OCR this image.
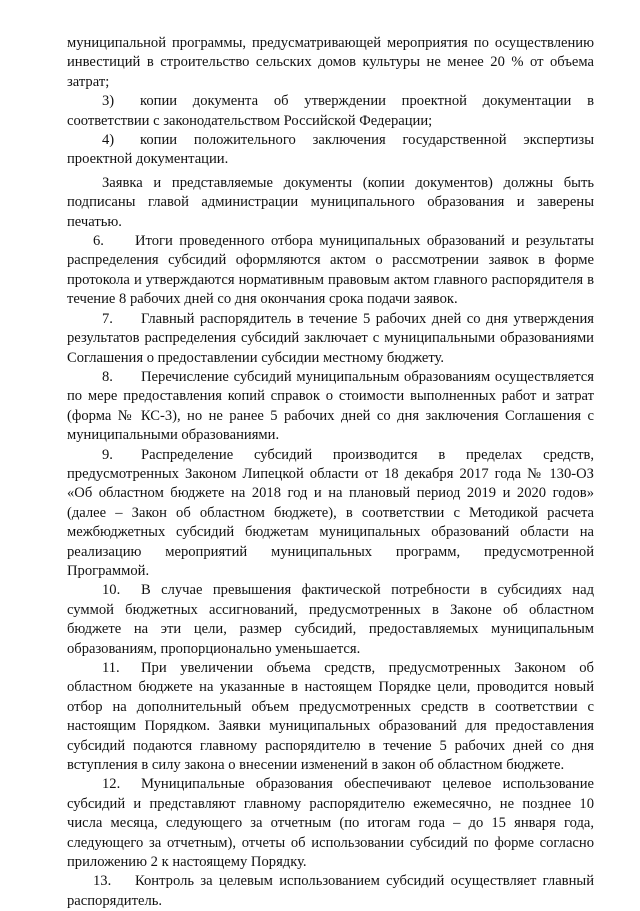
муниципальной программы, предусматривающей мероприятия по осуществлению инвестиций в строительство сельских домов культуры не менее 20 % от объема затрат;

3) копии документа об утверждении проектной документации в соответствии с законодательством Российской Федерации;

4) копии положительного заключения государственной экспертизы проектной документации.

Заявка и представляемые документы (копии документов) должны быть подписаны главой администрации муниципального образования и заверены печатью.

6. Итоги проведенного отбора муниципальных образований и результаты распределения субсидий оформляются актом о рассмотрении заявок в форме протокола и утверждаются нормативным правовым актом главного распорядителя в течение 8 рабочих дней со дня окончания срока подачи заявок.

7. Главный распорядитель в течение 5 рабочих дней со дня утверждения результатов распределения субсидий заключает с муниципальными образованиями Соглашения о предоставлении субсидии местному бюджету.

8. Перечисление субсидий муниципальным образованиям осуществляется по мере предоставления копий справок о стоимости выполненных работ и затрат (форма № КС-3), но не ранее 5 рабочих дней со дня заключения Соглашения с муниципальными образованиями.

9. Распределение субсидий производится в пределах средств, предусмотренных Законом Липецкой области от 18 декабря 2017 года № 130-ОЗ «Об областном бюджете на 2018 год и на плановый период 2019 и 2020 годов» (далее – Закон об областном бюджете), в соответствии с Методикой расчета межбюджетных субсидий бюджетам муниципальных образований области на реализацию мероприятий муниципальных программ, предусмотренной Программой.

10. В случае превышения фактической потребности в субсидиях над суммой бюджетных ассигнований, предусмотренных в Законе об областном бюджете на эти цели, размер субсидий, предоставляемых муниципальным образованиям, пропорционально уменьшается.

11. При увеличении объема средств, предусмотренных Законом об областном бюджете на указанные в настоящем Порядке цели, проводится новый отбор на дополнительный объем предусмотренных средств в соответствии с настоящим Порядком. Заявки муниципальных образований для предоставления субсидий подаются главному распорядителю в течение 5 рабочих дней со дня вступления в силу закона о внесении изменений в закон об областном бюджете.

12. Муниципальные образования обеспечивают целевое использование субсидий и представляют главному распорядителю ежемесячно, не позднее 10 числа месяца, следующего за отчетным (по итогам года – до 15 января года, следующего за отчетным), отчеты об использовании субсидий по форме согласно приложению 2 к настоящему Порядку.

13. Контроль за целевым использованием субсидий осуществляет главный распорядитель.
